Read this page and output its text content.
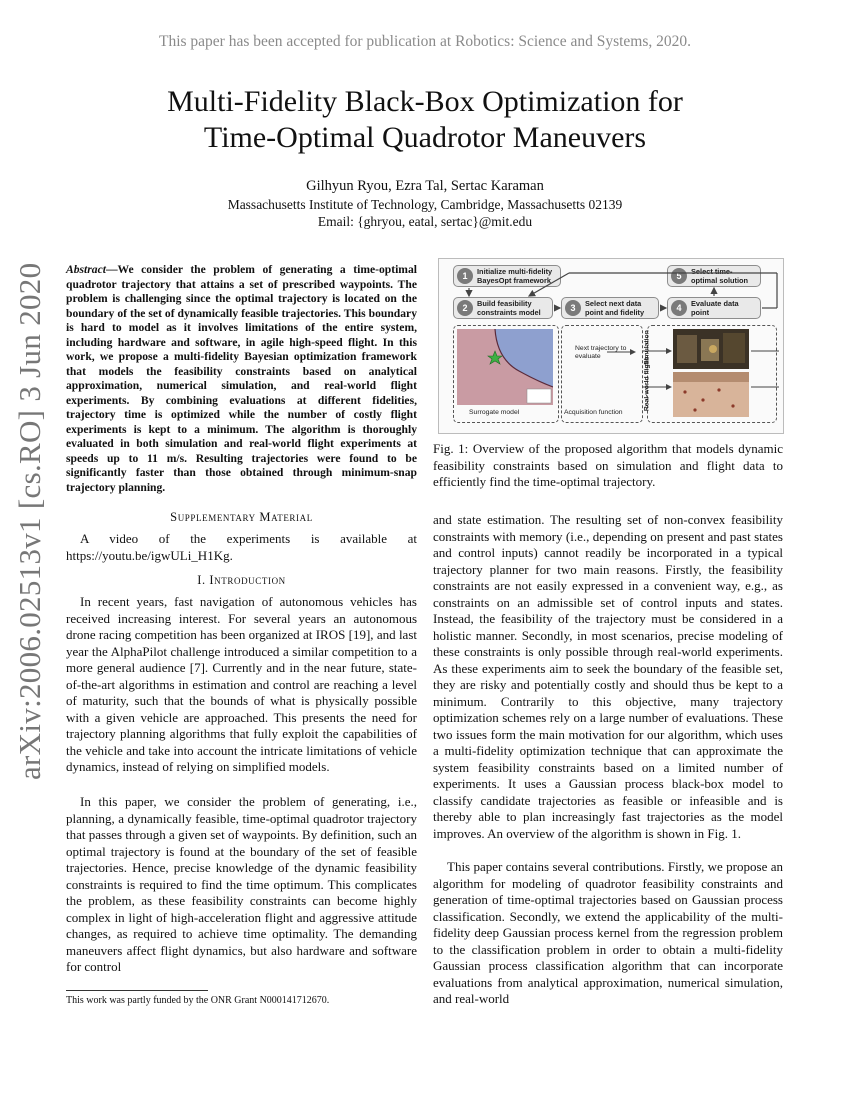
This paper has been accepted for publication at Robotics: Science and Systems, 2020.
Multi-Fidelity Black-Box Optimization for
Time-Optimal Quadrotor Maneuvers
Gilhyun Ryou, Ezra Tal, Sertac Karaman
Massachusetts Institute of Technology, Cambridge, Massachusetts 02139
Email: {ghryou, eatal, sertac}@mit.edu
arXiv:2006.02513v1 [cs.RO] 3 Jun 2020 Abstract—We consider the problem of generating a time-optimal quadrotor trajectory that attains a set of prescribed waypoints. The problem is challenging since the optimal trajectory is located on the boundary of the set of dynamically feasible trajectories. This boundary is hard to model as it involves limitations of the entire system, including hardware and software, in agile high-speed flight. In this work, we propose a multi-fidelity Bayesian optimization framework that models the feasibility constraints based on analytical approximation, numerical simulation, and real-world flight experiments. By combining evaluations at different fidelities, trajectory time is optimized while the number of costly flight experiments is kept to a minimum. The algorithm is thoroughly evaluated in both simulation and real-world flight experiments at speeds up to 11 m/s. Resulting trajectories were found to be significantly faster than those obtained through minimum-snap trajectory planning.
Supplementary Material

A video of the experiments is available at https://youtu.be/igwULi_H1Kg.

I. Introduction

In recent years, fast navigation of autonomous vehicles has received increasing interest. For several years an autonomous drone racing competition has been organized at IROS [19], and last year the AlphaPilot challenge introduced a similar competition to a more general audience [7]. Currently and in the near future, state-of-the-art algorithms in estimation and control are reaching a level of maturity, such that the bounds of what is physically possible with a given vehicle are approached. This presents the need for trajectory planning algorithms that fully exploit the capabilities of the vehicle and take into account the intricate limitations of vehicle dynamics, instead of relying on simplified models.

In this paper, we consider the problem of generating, i.e., planning, a dynamically feasible, time-optimal quadrotor trajectory that passes through a given set of waypoints. By definition, such an optimal trajectory is found at the boundary of the set of feasible trajectories. Hence, precise knowledge of the dynamic feasibility constraints is required to find the time optimum. This complicates the problem, as these feasibility constraints can become highly complex in light of high-acceleration flight and aggressive attitude changes, as required to achieve time optimality. The demanding maneuvers affect flight dynamics, but also hardware and software for control

This work was partly funded by the ONR Grant N000141712670.
1	Initialize multi-fidelity BayesOpt framework	5	Select time-optimal solution
2	Build feasibility constraints model	3	Select next data point and fidelity	4	Evaluate data point
Surrogate model
Next trajectory to evaluate
Acquisition function
Simulation
Real-world flight
Fig. 1: Overview of the proposed algorithm that models dynamic feasibility constraints based on simulation and flight data to efficiently find the time-optimal trajectory.

and state estimation. The resulting set of non-convex feasibility constraints with memory (i.e., depending on present and past states and control inputs) cannot readily be incorporated in a typical trajectory planner for two main reasons. Firstly, the feasibility constraints are not easily expressed in a convenient way, e.g., as constraints on an admissible set of control inputs and states. Instead, the feasibility of the trajectory must be considered in a holistic manner. Secondly, in most scenarios, precise modeling of these constraints is only possible through real-world experiments. As these experiments aim to seek the boundary of the feasible set, they are risky and potentially costly and should thus be kept to a minimum. Contrarily to this objective, many trajectory optimization schemes rely on a large number of evaluations. These two issues form the main motivation for our algorithm, which uses a multi-fidelity optimization technique that can approximate the system feasibility constraints based on a limited number of experiments. It uses a Gaussian process black-box model to classify candidate trajectories as feasible or infeasible and is thereby able to plan increasingly fast trajectories as the model improves. An overview of the algorithm is shown in Fig. 1.

This paper contains several contributions. Firstly, we propose an algorithm for modeling of quadrotor feasibility constraints and generation of time-optimal trajectories based on Gaussian process classification. Secondly, we extend the applicability of the multi-fidelity deep Gaussian process kernel from the regression problem to the classification problem in order to obtain a multi-fidelity Gaussian process classification algorithm that can incorporate evaluations from analytical approximation, numerical simulation, and real-world
